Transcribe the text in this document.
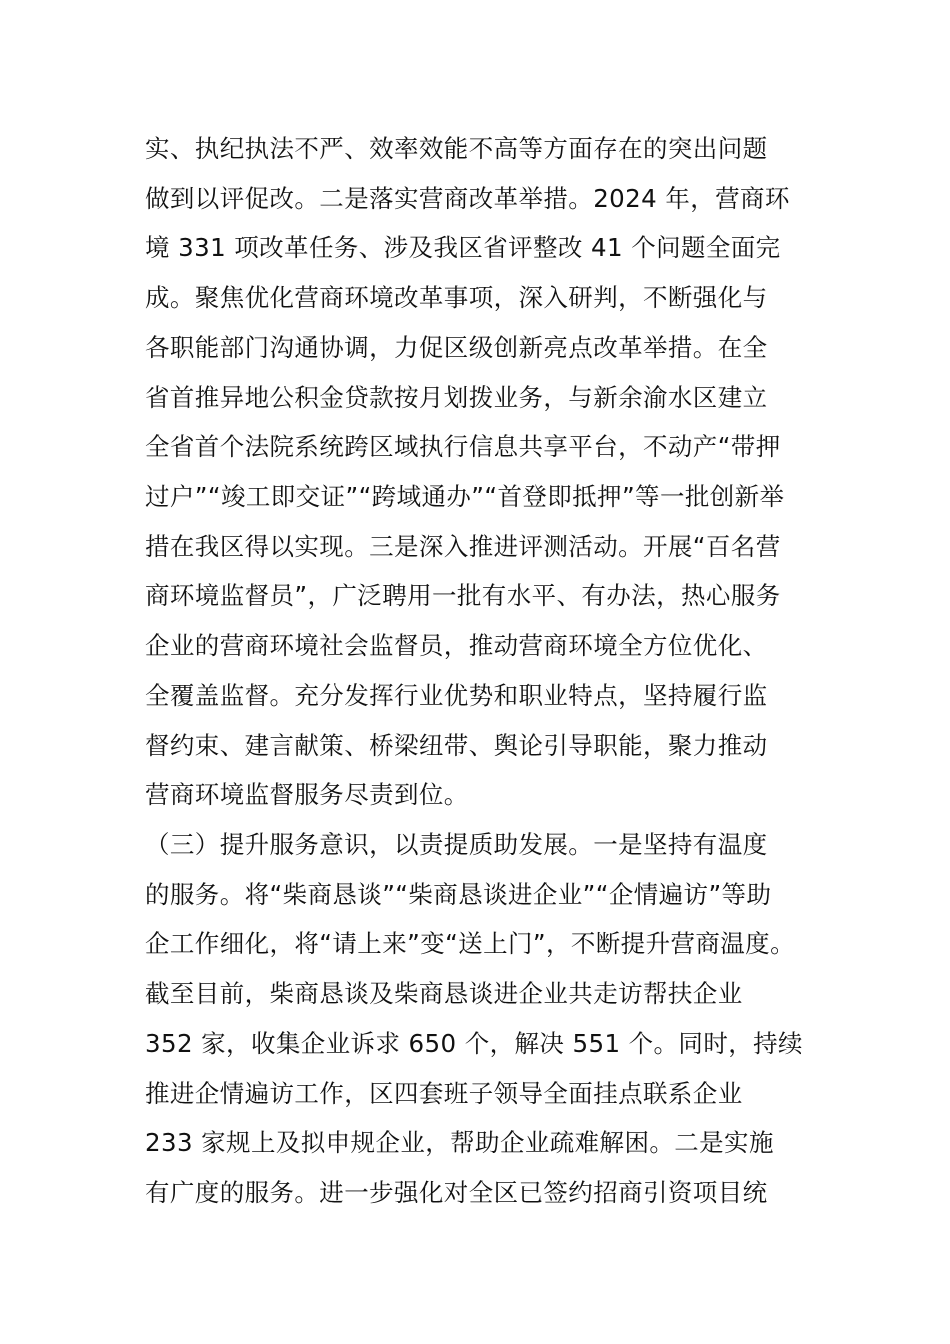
实、执纪执法不严、效率效能不高等方面存在的突出问题
做到以评促改。二是落实营商改革举措。2024 年，营商环
境 331 项改革任务、涉及我区省评整改 41 个问题全面完
成。聚焦优化营商环境改革事项，深入研判，不断强化与
各职能部门沟通协调，力促区级创新亮点改革举措。在全
省首推异地公积金贷款按月划拨业务，与新余渝水区建立
全省首个法院系统跨区域执行信息共享平台，不动产“带押
过户”“竣工即交证”“跨域通办”“首登即抵押”等一批创新举
措在我区得以实现。三是深入推进评测活动。开展“百名营
商环境监督员”，广泛聘用一批有水平、有办法，热心服务
企业的营商环境社会监督员，推动营商环境全方位优化、
全覆盖监督。充分发挥行业优势和职业特点，坚持履行监
督约束、建言献策、桥梁纽带、舆论引导职能，聚力推动
营商环境监督服务尽责到位。
（三）提升服务意识，以责提质助发展。一是坚持有温度
的服务。将“柴商恳谈”“柴商恳谈进企业”“企情遍访”等助
企工作细化，将“请上来”变“送上门”，不断提升营商温度。
截至目前，柴商恳谈及柴商恳谈进企业共走访帮扶企业
352 家，收集企业诉求 650 个，解决 551 个。同时，持续
推进企情遍访工作，区四套班子领导全面挂点联系企业
233 家规上及拟申规企业，帮助企业疏难解困。二是实施
有广度的服务。进一步强化对全区已签约招商引资项目统
